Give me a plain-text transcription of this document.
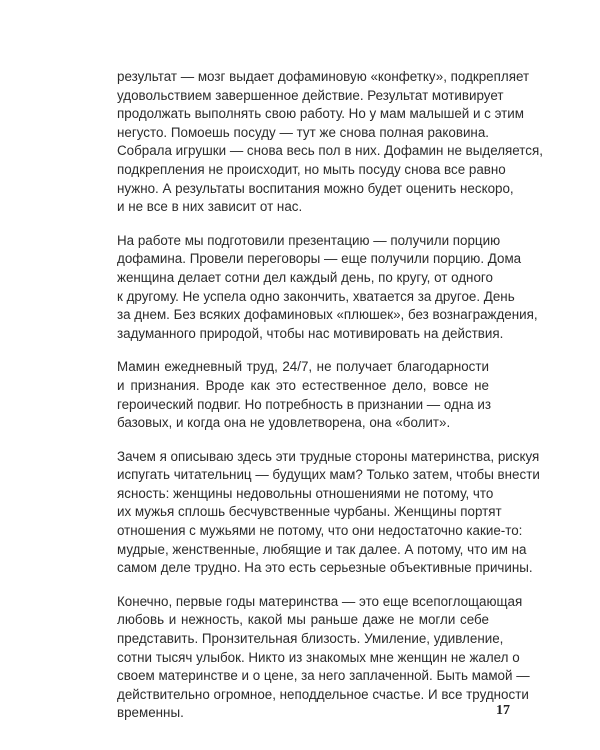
результат — мозг выдает дофаминовую «конфетку», подкрепляет
удовольствием завершенное действие. Результат мотивирует
продолжать выполнять свою работу. Но у мам малышей и с этим
негусто. Помоешь посуду — тут же снова полная раковина.
Собрала игрушки — снова весь пол в них. Дофамин не выделяется,
подкрепления не происходит, но мыть посуду снова все равно
нужно. А результаты воспитания можно будет оценить нескоро,
и не все в них зависит от нас.
На работе мы подготовили презентацию — получили порцию
дофамина. Провели переговоры — еще получили порцию. Дома
женщина делает сотни дел каждый день, по кругу, от одного
к другому. Не успела одно закончить, хватается за другое. День
за днем. Без всяких дофаминовых «плюшек», без вознаграждения,
задуманного природой, чтобы нас мотивировать на действия.
Мамин ежедневный труд, 24/7, не получает благодарности
и признания. Вроде как это естественное дело, вовсе не
героический подвиг. Но потребность в признании — одна из
базовых, и когда она не удовлетворена, она «болит».
Зачем я описываю здесь эти трудные стороны материнства, рискуя
испугать читательниц — будущих мам? Только затем, чтобы внести
ясность: женщины недовольны отношениями не потому, что
их мужья сплошь бесчувственные чурбаны. Женщины портят
отношения с мужьями не потому, что они недостаточно какие-то:
мудрые, женственные, любящие и так далее. А потому, что им на
самом деле трудно. На это есть серьезные объективные причины.
Конечно, первые годы материнства — это еще всепоглощающая
любовь и нежность, какой мы раньше даже не могли себе
представить. Пронзительная близость. Умиление, удивление,
сотни тысяч улыбок. Никто из знакомых мне женщин не жалел о
своем материнстве и о цене, за него заплаченной. Быть мамой —
действительно огромное, неподдельное счастье. И все трудности
временны.	17
